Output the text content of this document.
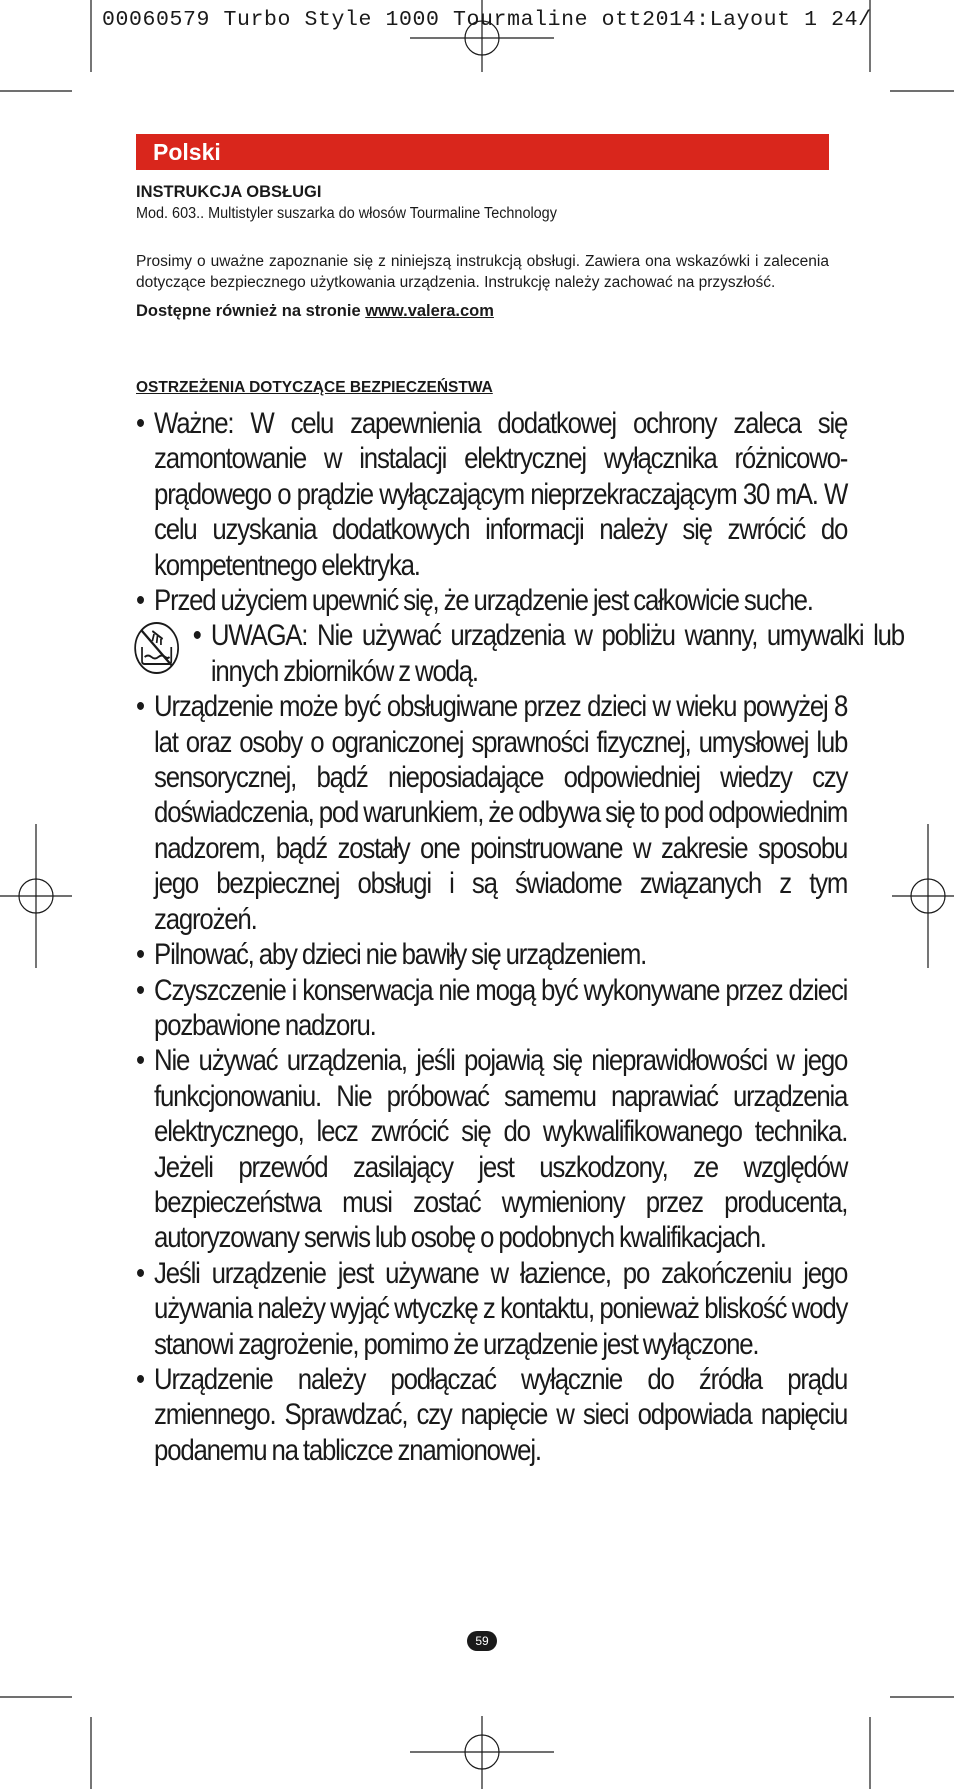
00060579 Turbo Style 1000 Tourmaline ott2014:Layout 1 24/
Polski
INSTRUKCJA OBSŁUGI
Mod. 603.. Multistyler suszarka do włosów Tourmaline Technology
Prosimy o uważne zapoznanie się z niniejszą instrukcją obsługi. Zawiera ona wskazówki i zalecenia dotyczące bezpiecznego użytkowania urządzenia. Instrukcję należy zachować na przyszłość.
Dostępne również na stronie www.valera.com
OSTRZEŻENIA DOTYCZĄCE BEZPIECZEŃSTWA
• Ważne: W celu zapewnienia dodatkowej ochrony zaleca się zamontowanie w instalacji elektrycznej wyłącznika różnicowo-prądowego o prądzie wyłączającym nieprzekraczającym 30 mA. W celu uzyskania dodatkowych informacji należy się zwrócić do kompetentnego elektryka.
• Przed użyciem upewnić się, że urządzenie jest całkowicie suche.
• UWAGA: Nie używać urządzenia w pobliżu wanny, umywalki lub innych zbiorników z wodą.
• Urządzenie może być obsługiwane przez dzieci w wieku powyżej 8 lat oraz osoby o ograniczonej sprawności fizycznej, umysłowej lub sensorycznej, bądź nieposiadające odpowiedniej wiedzy czy doświadczenia, pod warunkiem, że odbywa się to pod odpowiednim nadzorem, bądź zostały one poinstruowane w zakresie sposobu jego bezpiecznej obsługi i są świadome związanych z tym zagrożeń.
• Pilnować, aby dzieci nie bawiły się urządzeniem.
• Czyszczenie i konserwacja nie mogą być wykonywane przez dzieci pozbawione nadzoru.
• Nie używać urządzenia, jeśli pojawią się nieprawidłowości w jego funkcjonowaniu. Nie próbować samemu naprawiać urządzenia elektrycznego, lecz zwrócić się do wykwalifikowanego technika. Jeżeli przewód zasilający jest uszkodzony, ze względów bezpieczeństwa musi zostać wymieniony przez producenta, autoryzowany serwis lub osobę o podobnych kwalifikacjach.
• Jeśli urządzenie jest używane w łazience, po zakończeniu jego używania należy wyjąć wtyczkę z kontaktu, ponieważ bliskość wody stanowi zagrożenie, pomimo że urządzenie jest wyłączone.
• Urządzenie należy podłączać wyłącznie do źródła prądu zmiennego. Sprawdzać, czy napięcie w sieci odpowiada napięciu podanemu na tabliczce znamionowej.
59
